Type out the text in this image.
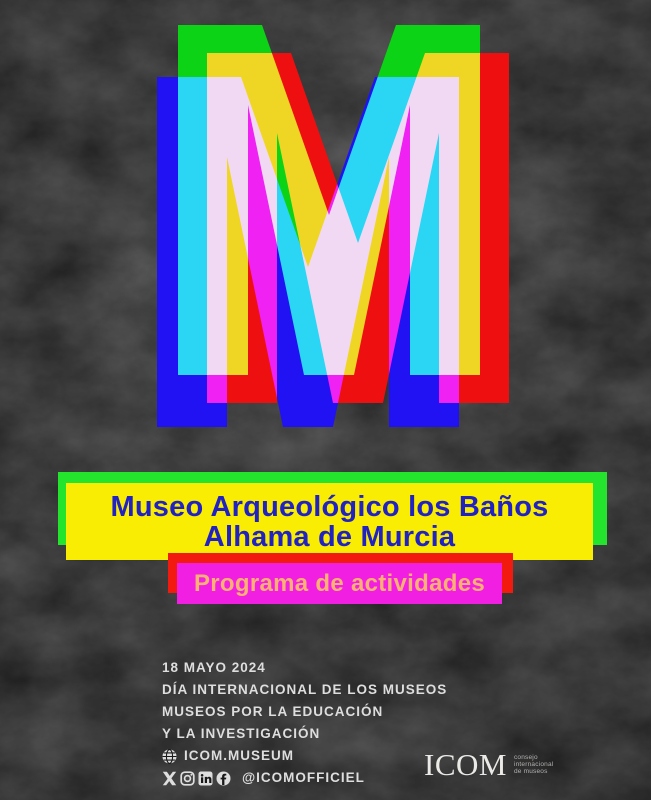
Museo Arqueológico los Baños
Alhama de Murcia
Programa de actividades
18 MAYO 2024
DÍA INTERNACIONAL DE LOS MUSEOS
MUSEOS POR LA EDUCACIÓN
Y LA INVESTIGACIÓN
ICOM.MUSEUM
@ICOMOFFICIEL ICOM consejo
internacional
de museos
